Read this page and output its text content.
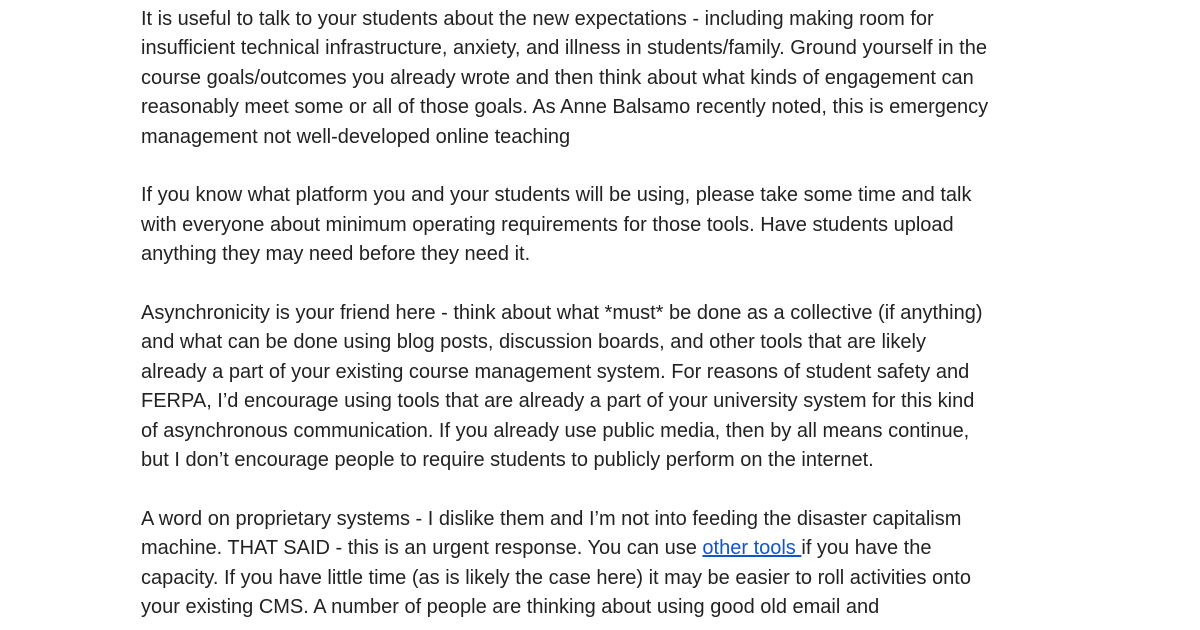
It is useful to talk to your students about the new expectations - including making room for
insufficient technical infrastructure, anxiety, and illness in students/family. Ground yourself in the
course goals/outcomes you already wrote and then think about what kinds of engagement can
reasonably meet some or all of those goals. As Anne Balsamo recently noted, this is emergency
management not well-developed online teaching
If you know what platform you and your students will be using, please take some time and talk
with everyone about minimum operating requirements for those tools. Have students upload
anything they may need before they need it.
Asynchronicity is your friend here - think about what *must* be done as a collective (if anything)
and what can be done using blog posts, discussion boards, and other tools that are likely
already a part of your existing course management system. For reasons of student safety and
FERPA, I’d encourage using tools that are already a part of your university system for this kind
of asynchronous communication. If you already use public media, then by all means continue,
but I don’t encourage people to require students to publicly perform on the internet.
A word on proprietary systems - I dislike them and I’m not into feeding the disaster capitalism
machine. THAT SAID - this is an urgent response. You can use other tools if you have the
capacity. If you have little time (as is likely the case here) it may be easier to roll activities onto
your existing CMS. A number of people are thinking about using good old email and
